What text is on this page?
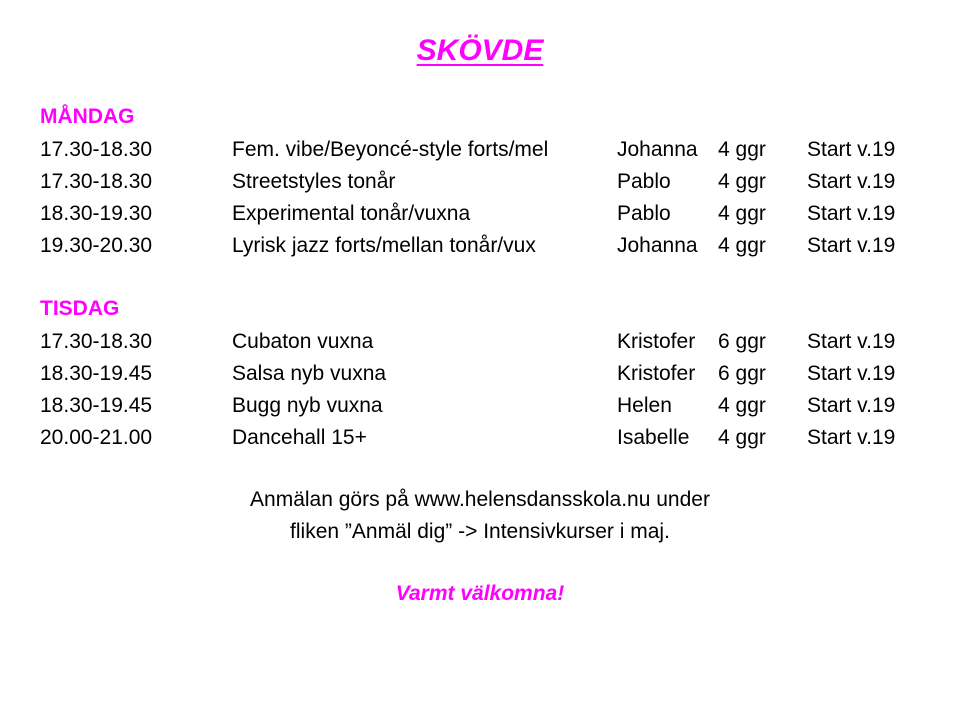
SKÖVDE
MÅNDAG
17.30-18.30	Fem. vibe/Beyoncé-style forts/mel	Johanna 4 ggr Start v.19
17.30-18.30	Streetstyles tonår	Pablo 4 ggr Start v.19
18.30-19.30	Experimental tonår/vuxna	Pablo 4 ggr Start v.19
19.30-20.30	Lyrisk jazz forts/mellan tonår/vux	Johanna 4 ggr Start v.19
TISDAG
17.30-18.30	Cubaton vuxna	Kristofer 6 ggr Start v.19
18.30-19.45	Salsa nyb vuxna	Kristofer 6 ggr Start v.19
18.30-19.45	Bugg nyb vuxna	Helen 4 ggr Start v.19
20.00-21.00	Dancehall 15+	Isabelle 4 ggr Start v.19
Anmälan görs på www.helensdansskola.nu under
fliken ”Anmäl dig” -> Intensivkurser i maj.
Varmt välkomna!
